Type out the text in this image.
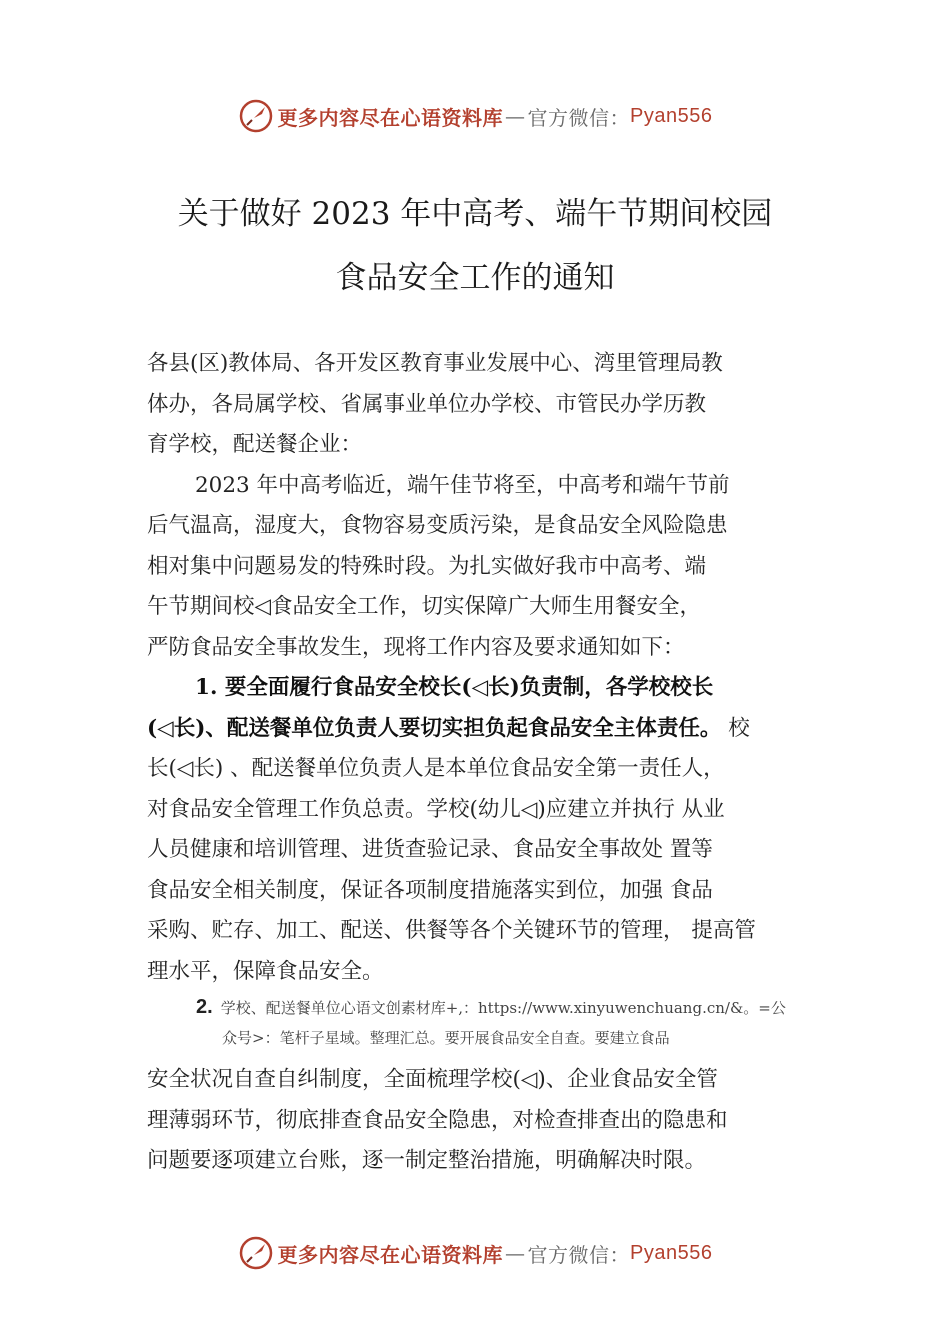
更多内容尽在心语资料库 — 官方微信： Pyan556
关于做好 2023 年中高考、端午节期间校园
食品安全工作的通知
各县(区)教体局、各开发区教育事业发展中心、湾里管理局教
体办，各局属学校、省属事业单位办学校、市管民办学历教
育学校，配送餐企业：
2023 年中高考临近，端午佳节将至，中高考和端午节前
后气温高，湿度大，食物容易变质污染，是食品安全风险隐患
相对集中问题易发的特殊时段。为扎实做好我市中高考、端
午节期间校◁食品安全工作，切实保障广大师生用餐安全，
严防食品安全事故发生，现将工作内容及要求通知如下：
1. 要全面履行食品安全校长(◁长)负责制，各学校校长
(◁长)、配送餐单位负责人要切实担负起食品安全主体责任。 校
长(◁长) 、配送餐单位负责人是本单位食品安全第一责任人，
对食品安全管理工作负总责。学校(幼儿◁)应建立并执行 从业
人员健康和培训管理、进货查验记录、食品安全事故处 置等
食品安全相关制度，保证各项制度措施落实到位，加强 食品
采购、贮存、加工、配送、供餐等各个关键环节的管理， 提高管
理水平，保障食品安全。
2. 学校、配送餐单位心语文创素材库+,：https://www.xinyuwenchuang.cn/&。=公
众号>：笔杆子星域。整理汇总。要开展食品安全自查。要建立食品
安全状况自查自纠制度，全面梳理学校(◁)、企业食品安全管
理薄弱环节，彻底排查食品安全隐患，对检查排查出的隐患和
问题要逐项建立台账，逐一制定整治措施，明确解决时限。
更多内容尽在心语资料库 — 官方微信： Pyan556
